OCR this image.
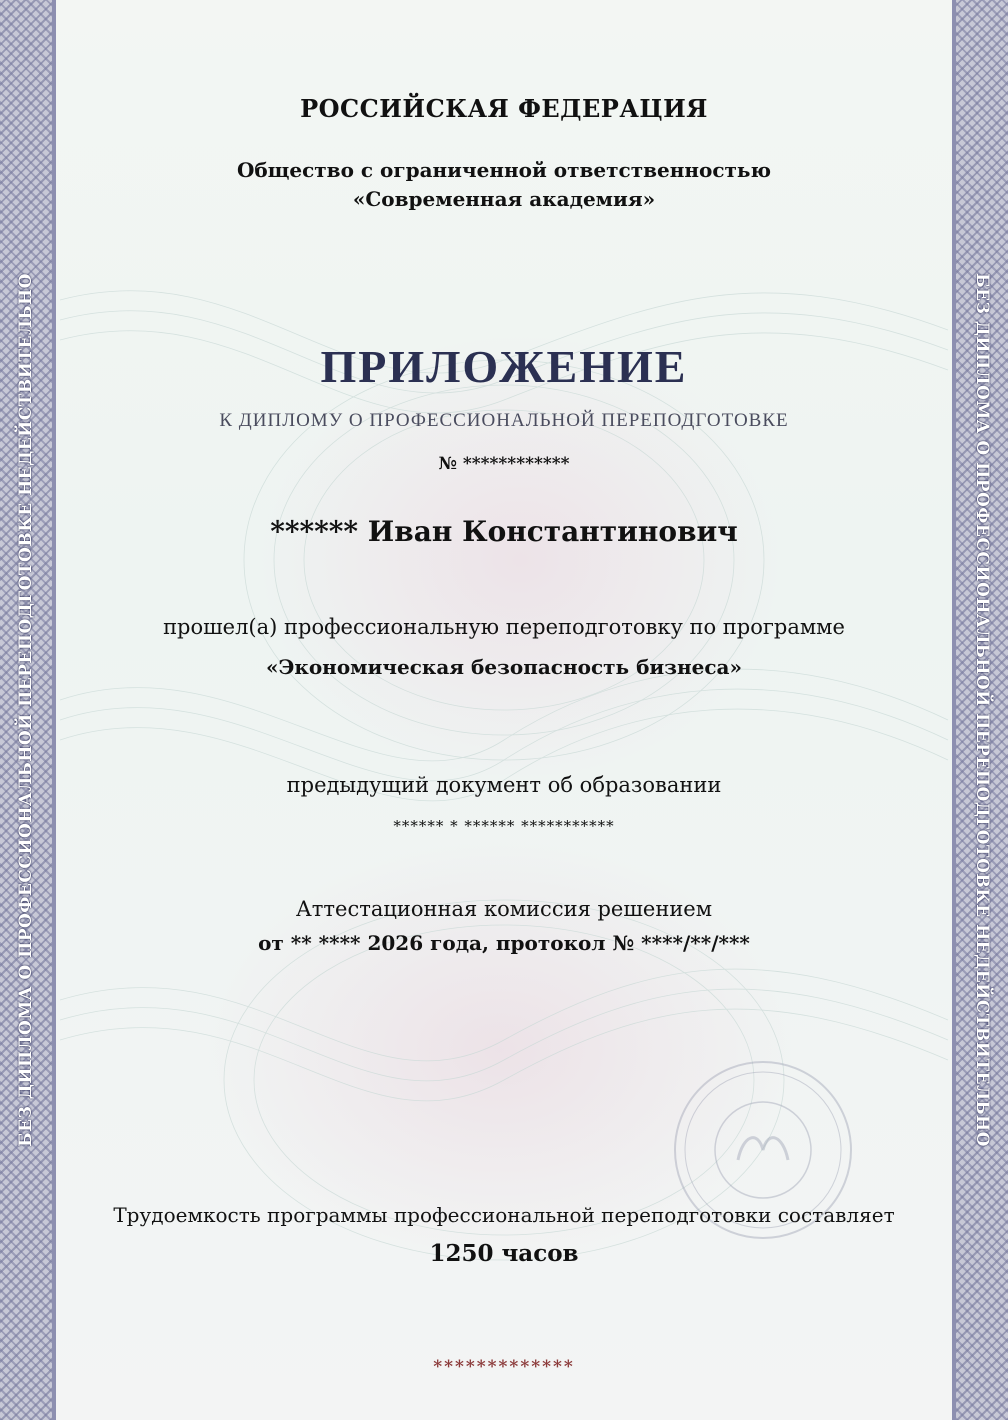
БЕЗ ДИПЛОМА О ПРОФЕССИОНАЛЬНОЙ ПЕРЕПОДГОТОВКЕ НЕДЕЙСТВИТЕЛЬНО	БЕЗ ДИПЛОМА О ПРОФЕССИОНАЛЬНОЙ ПЕРЕПОДГОТОВКЕ НЕДЕЙСТВИТЕЛЬНО
РОССИЙСКАЯ ФЕДЕРАЦИЯ
Общество с ограниченной ответственностью
«Современная академия»
ПРИЛОЖЕНИЕ
К ДИПЛОМУ О ПРОФЕССИОНАЛЬНОЙ ПЕРЕПОДГОТОВКЕ
№ ************
****** Иван Константинович
прошел(а) профессиональную переподготовку по программе
«Экономическая безопасность бизнеса»
предыдущий документ об образовании
****** * ****** ***********
Аттестационная комиссия решением
от ** **** 2026 года, протокол № ****/**/***
Трудоемкость программы профессиональной переподготовки составляет
1250 часов
*************
